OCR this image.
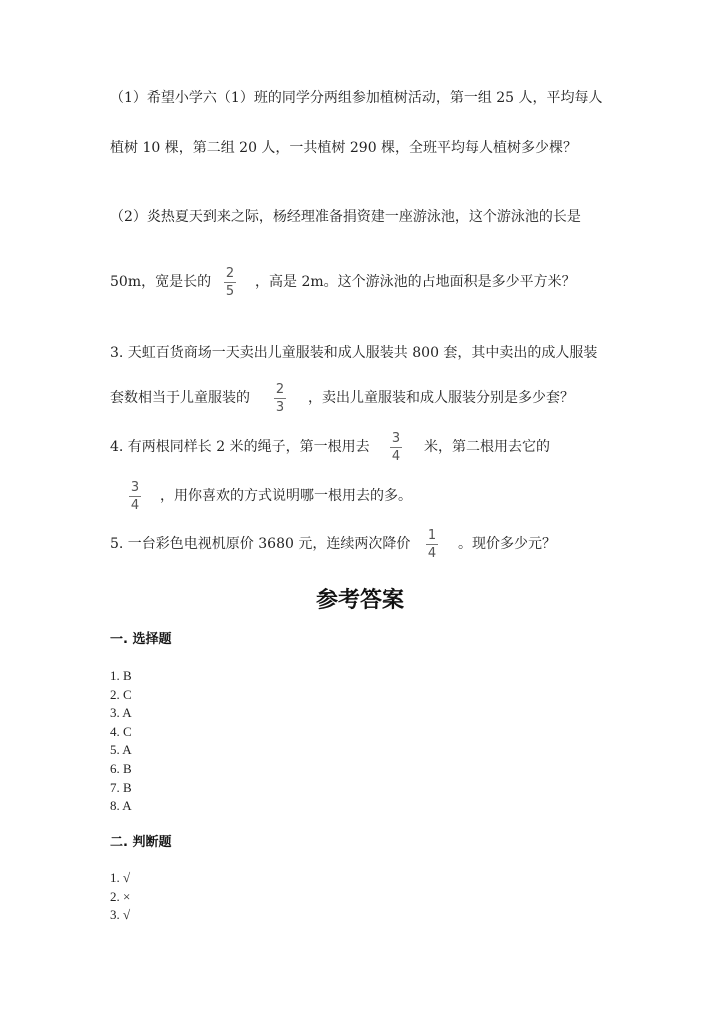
（1）希望小学六（1）班的同学分两组参加植树活动，第一组 25 人，平均每人
植树 10 棵，第二组 20 人，一共植树 290 棵，全班平均每人植树多少棵？
（2）炎热夏天到来之际，杨经理准备捐资建一座游泳池，这个游泳池的长是
50m，宽是长的
2
5
，高是 2m。这个游泳池的占地面积是多少平方米？
3. 天虹百货商场一天卖出儿童服装和成人服装共 800 套，其中卖出的成人服装
套数相当于儿童服装的
2
3
，卖出儿童服装和成人服装分别是多少套？
4. 有两根同样长 2 米的绳子，第一根用去
3
4
米，第二根用去它的
3
4
，用你喜欢的方式说明哪一根用去的多。
5. 一台彩色电视机原价 3680 元，连续两次降价
1
4
。现价多少元？
参考答案
一. 选择题
1. B
2. C
3. A
4. C
5. A
6. B
7. B
8. A
二. 判断题
1. √
2. ×
3. √
